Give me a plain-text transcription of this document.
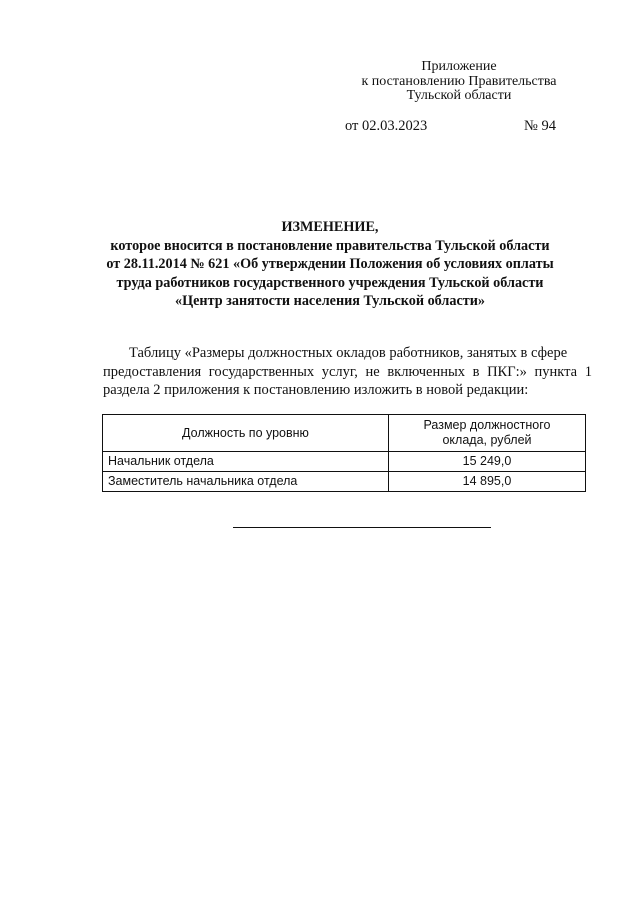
Приложение
к постановлению Правительства
Тульской области
от 02.03.2023	№ 94
ИЗМЕНЕНИЕ,
которое вносится в постановление правительства Тульской области
от 28.11.2014 № 621 «Об утверждении Положения об условиях оплаты
труда работников государственного учреждения Тульской области
«Центр занятости населения Тульской области»
Таблицу «Размеры должностных окладов работников, занятых в сфере
предоставления государственных услуг, не включенных в ПКГ:» пункта 1
раздела 2 приложения к постановлению изложить в новой редакции:
Должность по уровню	Размер должностного
оклада, рублей

Начальник отдела	15 249,0
Заместитель начальника отдела	14 895,0
